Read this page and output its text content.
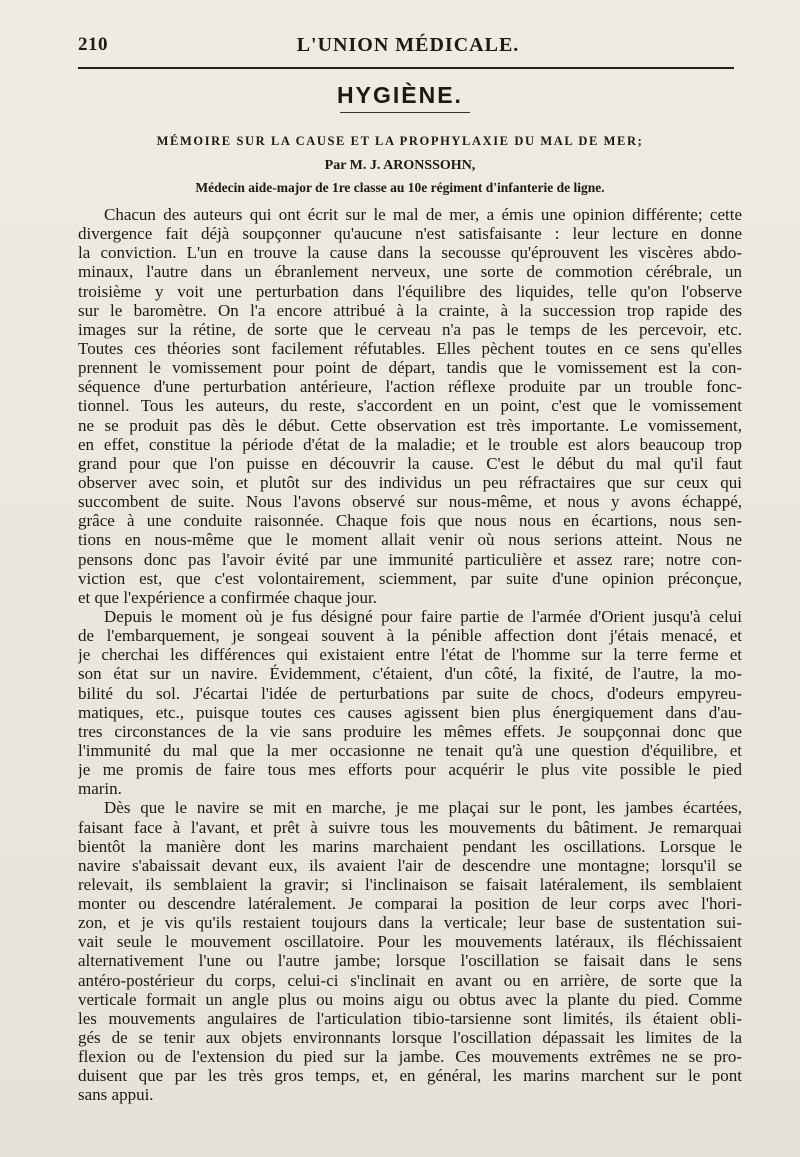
210	L'UNION MÉDICALE.
HYGIÈNE.
MÉMOIRE SUR LA CAUSE ET LA PROPHYLAXIE DU MAL DE MER;
Par M. J. ARONSSOHN,
Médecin aide-major de 1re classe au 10e régiment d'infanterie de ligne.
Chacun des auteurs qui ont écrit sur le mal de mer, a émis une opinion différente; cette
divergence fait déjà soupçonner qu'aucune n'est satisfaisante : leur lecture en donne
la conviction. L'un en trouve la cause dans la secousse qu'éprouvent les viscères abdo-
minaux, l'autre dans un ébranlement nerveux, une sorte de commotion cérébrale, un
troisième y voit une perturbation dans l'équilibre des liquides, telle qu'on l'observe
sur le baromètre. On l'a encore attribué à la crainte, à la succession trop rapide des
images sur la rétine, de sorte que le cerveau n'a pas le temps de les percevoir, etc.
Toutes ces théories sont facilement réfutables. Elles pèchent toutes en ce sens qu'elles
prennent le vomissement pour point de départ, tandis que le vomissement est la con-
séquence d'une perturbation antérieure, l'action réflexe produite par un trouble fonc-
tionnel. Tous les auteurs, du reste, s'accordent en un point, c'est que le vomissement
ne se produit pas dès le début. Cette observation est très importante. Le vomissement,
en effet, constitue la période d'état de la maladie; et le trouble est alors beaucoup trop
grand pour que l'on puisse en découvrir la cause. C'est le début du mal qu'il faut
observer avec soin, et plutôt sur des individus un peu réfractaires que sur ceux qui
succombent de suite. Nous l'avons observé sur nous-même, et nous y avons échappé,
grâce à une conduite raisonnée. Chaque fois que nous nous en écartions, nous sen-
tions en nous-même que le moment allait venir où nous serions atteint. Nous ne
pensons donc pas l'avoir évité par une immunité particulière et assez rare; notre con-
viction est, que c'est volontairement, sciemment, par suite d'une opinion préconçue,
et que l'expérience a confirmée chaque jour.
Depuis le moment où je fus désigné pour faire partie de l'armée d'Orient jusqu'à celui
de l'embarquement, je songeai souvent à la pénible affection dont j'étais menacé, et
je cherchai les différences qui existaient entre l'état de l'homme sur la terre ferme et
son état sur un navire. Évidemment, c'étaient, d'un côté, la fixité, de l'autre, la mo-
bilité du sol. J'écartai l'idée de perturbations par suite de chocs, d'odeurs empyreu-
matiques, etc., puisque toutes ces causes agissent bien plus énergiquement dans d'au-
tres circonstances de la vie sans produire les mêmes effets. Je soupçonnai donc que
l'immunité du mal que la mer occasionne ne tenait qu'à une question d'équilibre, et
je me promis de faire tous mes efforts pour acquérir le plus vite possible le pied
marin.
Dès que le navire se mit en marche, je me plaçai sur le pont, les jambes écartées,
faisant face à l'avant, et prêt à suivre tous les mouvements du bâtiment. Je remarquai
bientôt la manière dont les marins marchaient pendant les oscillations. Lorsque le
navire s'abaissait devant eux, ils avaient l'air de descendre une montagne; lorsqu'il se
relevait, ils semblaient la gravir; si l'inclinaison se faisait latéralement, ils semblaient
monter ou descendre latéralement. Je comparai la position de leur corps avec l'hori-
zon, et je vis qu'ils restaient toujours dans la verticale; leur base de sustentation sui-
vait seule le mouvement oscillatoire. Pour les mouvements latéraux, ils fléchissaient
alternativement l'une ou l'autre jambe; lorsque l'oscillation se faisait dans le sens
antéro-postérieur du corps, celui-ci s'inclinait en avant ou en arrière, de sorte que la
verticale formait un angle plus ou moins aigu ou obtus avec la plante du pied. Comme
les mouvements angulaires de l'articulation tibio-tarsienne sont limités, ils étaient obli-
gés de se tenir aux objets environnants lorsque l'oscillation dépassait les limites de la
flexion ou de l'extension du pied sur la jambe. Ces mouvements extrêmes ne se pro-
duisent que par les très gros temps, et, en général, les marins marchent sur le pont
sans appui.
